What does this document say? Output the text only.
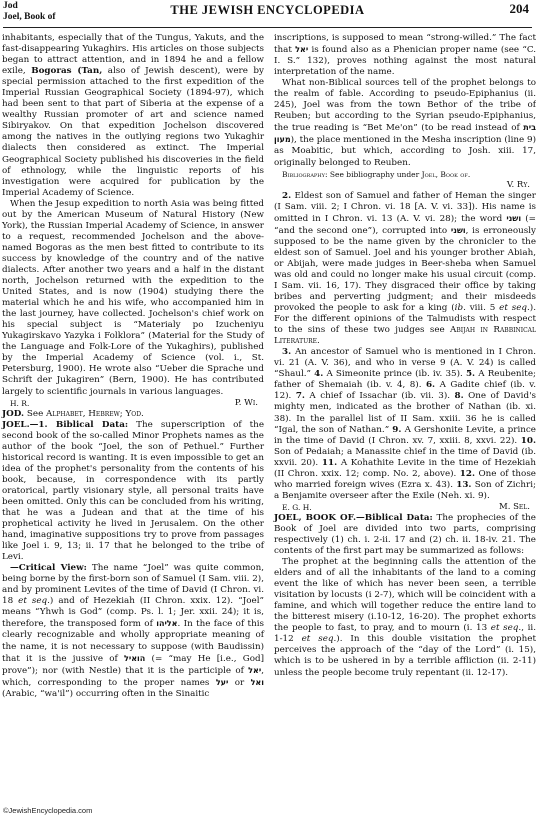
Jod
Joel, Book of	THE JEWISH ENCYCLOPEDIA	204

inhabitants, especially that of the Tungus, Yakuts, and the fast-disappearing Yukaghirs. His articles on those subjects began to attract attention, and in 1894 he and a fellow exile, Bogoras (Tan, also of Jewish descent), were by special permission attached to the first expedition of the Imperial Russian Geographical Society (1894-97), which had been sent to that part of Siberia at the expense of a wealthy Russian promoter of art and science named Sibiryakov. On that expedition Jochelson discovered among the natives in the outlying regions two Yukaghir dialects then considered as extinct. The Imperial Geographical Society published his discoveries in the field of ethnology, while the linguistic reports of his investigation were acquired for publication by the Imperial Academy of Science.

When the Jesup expedition to north Asia was being fitted out by the American Museum of Natural History (New York), the Russian Imperial Academy of Science, in answer to a request, recommended Jochelson and the above-named Bogoras as the men best fitted to contribute to its success by knowledge of the country and of the native dialects. After another two years and a half in the distant north, Jochelson returned with the expedition to the United States, and is now (1904) studying there the material which he and his wife, who accompanied him in the last journey, have collected. Jochelson's chief work on his special subject is “Materialy po Izucheniyu Yukagirskavo Yazyka i Folklora” (Material for the Study of the Language and Folk-Lore of the Yukaghirs), published by the Imperial Academy of Science (vol. i., St. Petersburg, 1900). He wrote also “Ueber die Sprache und Schrift der Jukagiren” (Bern, 1900). He has contributed largely to scientific journals in various languages.

H. R.	P. Wi.

JOD. See Alphabet, Hebrew; Yod.

JOEL.—1. Biblical Data: The superscription of the second book of the so-called Minor Prophets names as the author of the book “Joel, the son of Pethuel.” Further historical record is wanting. It is even impossible to get an idea of the prophet's personality from the contents of his book, because, in correspondence with its partly oratorical, partly visionary style, all personal traits have been omitted. Only this can be concluded from his writing, that he was a Judean and that at the time of his prophetical activity he lived in Jerusalem. On the other hand, imaginative suppositions try to prove from passages like Joel i. 9, 13; ii. 17 that he belonged to the tribe of Levi.

—Critical View: The name “Joel” was quite common, being borne by the first-born son of Samuel (I Sam. viii. 2), and by prominent Levites of the time of David (I Chron. vi. 18 et seq.) and of Hezekiah (II Chron. xxix. 12). “Joel” means “Yhwh is God” (comp. Ps. l. 1; Jer. xxii. 24); it is, therefore, the transposed form of אליהו. In the face of this clearly recognizable and wholly appropriate meaning of the name, it is not necessary to suppose (with Baudissin) that it is the jussive of הואיל (= “may He [i.e., God] prove”); nor (with Nestle) that it is the participle of יאל, which, corresponding to the proper names יעל or ואל (Arabic, “wa'il”) occurring often in the Sinaitic

inscriptions, is supposed to mean “strong-willed.” The fact that יאל is found also as a Phenician proper name (see “C. I. S.” 132), proves nothing against the most natural interpretation of the name.

What non-Biblical sources tell of the prophet belongs to the realm of fable. According to pseudo-Epiphanius (ii. 245), Joel was from the town Bethor of the tribe of Reuben; but according to the Syrian pseudo-Epiphanius, the true reading is “Bet Me'on” (to be read instead of בית מעון), the place mentioned in the Mesha inscription (line 9) as Moabitic, but which, according to Josh. xiii. 17, originally belonged to Reuben.

Bibliography: See bibliography under Joel, Book of.

V. Ry.

2. Eldest son of Samuel and father of Heman the singer (I Sam. viii. 2; I Chron. vi. 18 [A. V. vi. 33]). His name is omitted in I Chron. vi. 13 (A. V. vi. 28); the word ושני (= “and the second one”), corrupted into ושני, is erroneously supposed to be the name given by the chronicler to the eldest son of Samuel. Joel and his younger brother Abiah, or Abijah, were made judges in Beer-sheba when Samuel was old and could no longer make his usual circuit (comp. I Sam. vii. 16, 17). They disgraced their office by taking bribes and perverting judgment; and their misdeeds provoked the people to ask for a king (ib. viii. 5 et seq.). For the different opinions of the Talmudists with respect to the sins of these two judges see Abijah in Rabbinical Literature.

3. An ancestor of Samuel who is mentioned in I Chron. vi. 21 (A. V. 36), and who in verse 9 (A. V. 24) is called “Shaul.” 4. A Simeonite prince (ib. iv. 35). 5. A Reubenite; father of Shemaiah (ib. v. 4, 8). 6. A Gadite chief (ib. v. 12). 7. A chief of Issachar (ib. vii. 3). 8. One of David's mighty men, indicated as the brother of Nathan (ib. xi. 38). In the parallel list of II Sam. xxiii. 36 he is called “Igal, the son of Nathan.” 9. A Gershonite Levite, a prince in the time of David (I Chron. xv. 7, xxiii. 8, xxvi. 22). 10. Son of Pedaiah; a Manassite chief in the time of David (ib. xxvii. 20). 11. A Kohathite Levite in the time of Hezekiah (II Chron. xxix. 12; comp. No. 2, above). 12. One of those who married foreign wives (Ezra x. 43). 13. Son of Zichri; a Benjamite overseer after the Exile (Neh. xi. 9).

E. G. H.	M. Sel.

JOEL, BOOK OF.—Biblical Data: The prophecies of the Book of Joel are divided into two parts, comprising respectively (1) ch. i. 2-ii. 17 and (2) ch. ii. 18-iv. 21. The contents of the first part may be summarized as follows:

The prophet at the beginning calls the attention of the elders and of all the inhabitants of the land to a coming event the like of which has never been seen, a terrible visitation by locusts (i 2-7), which will be coincident with a famine, and which will together reduce the entire land to the bitterest misery (i.10-12, 16-20). The prophet exhorts the people to fast, to pray, and to mourn (i. 13 et seq., ii. 1-12 et seq.). In this double visitation the prophet perceives the approach of the “day of the Lord” (i. 15), which is to be ushered in by a terrible affliction (ii. 2-11) unless the people become truly repentant (ii. 12-17).

©JewishEncyclopedia.com
